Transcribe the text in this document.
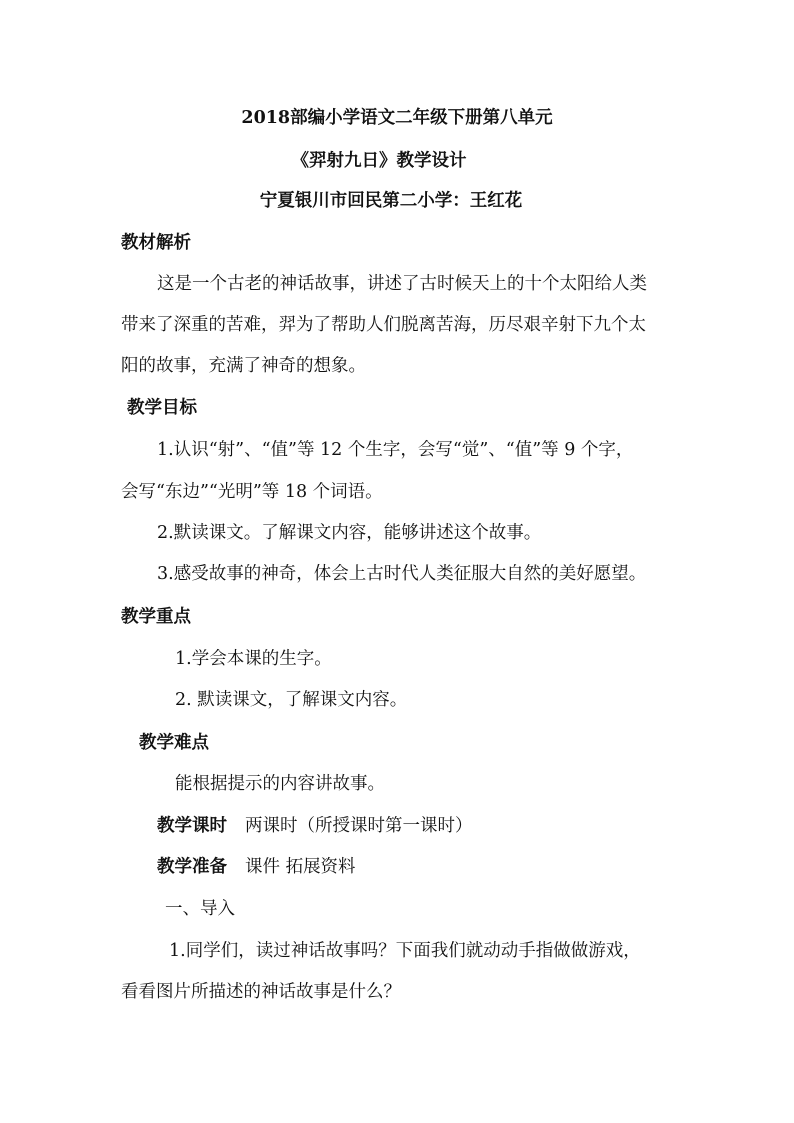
2018部编小学语文二年级下册第八单元
《羿射九日》教学设计
宁夏银川市回民第二小学：王红花
教材解析
这是一个古老的神话故事，讲述了古时候天上的十个太阳给人类
带来了深重的苦难，羿为了帮助人们脱离苦海，历尽艰辛射下九个太
阳的故事，充满了神奇的想象。
教学目标
1.认识“射”、“值”等 12 个生字，会写“觉”、“值”等 9 个字，
会写“东边”“光明”等 18 个词语。
2.默读课文。了解课文内容，能够讲述这个故事。
3.感受故事的神奇，体会上古时代人类征服大自然的美好愿望。
教学重点
1.学会本课的生字。
2. 默读课文，了解课文内容。
教学难点
能根据提示的内容讲故事。
教学课时 两课时（所授课时第一课时）
教学准备 课件 拓展资料
一、导入
1.同学们，读过神话故事吗？下面我们就动动手指做做游戏，
看看图片所描述的神话故事是什么？
